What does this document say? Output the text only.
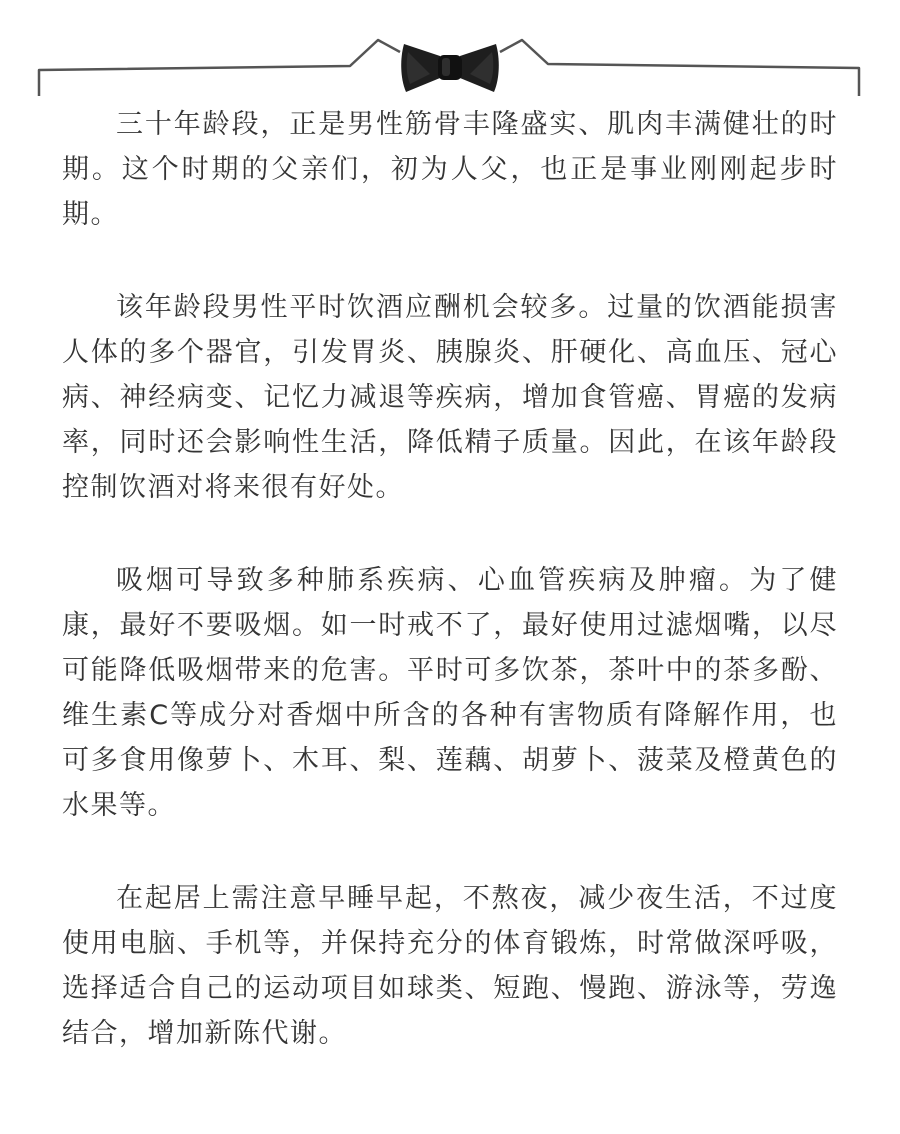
三十年龄段，正是男性筋骨丰隆盛实、肌肉丰满健壮的时期。这个时期的父亲们，初为人父，也正是事业刚刚起步时期。

该年龄段男性平时饮酒应酬机会较多。过量的饮酒能损害人体的多个器官，引发胃炎、胰腺炎、肝硬化、高血压、冠心病、神经病变、记忆力减退等疾病，增加食管癌、胃癌的发病率，同时还会影响性生活，降低精子质量。因此，在该年龄段控制饮酒对将来很有好处。

吸烟可导致多种肺系疾病、心血管疾病及肿瘤。为了健康，最好不要吸烟。如一时戒不了，最好使用过滤烟嘴，以尽可能降低吸烟带来的危害。平时可多饮茶，茶叶中的茶多酚、维生素C等成分对香烟中所含的各种有害物质有降解作用，也可多食用像萝卜、木耳、梨、莲藕、胡萝卜、菠菜及橙黄色的水果等。

在起居上需注意早睡早起，不熬夜，减少夜生活，不过度使用电脑、手机等，并保持充分的体育锻炼，时常做深呼吸，选择适合自己的运动项目如球类、短跑、慢跑、游泳等，劳逸结合，增加新陈代谢。
